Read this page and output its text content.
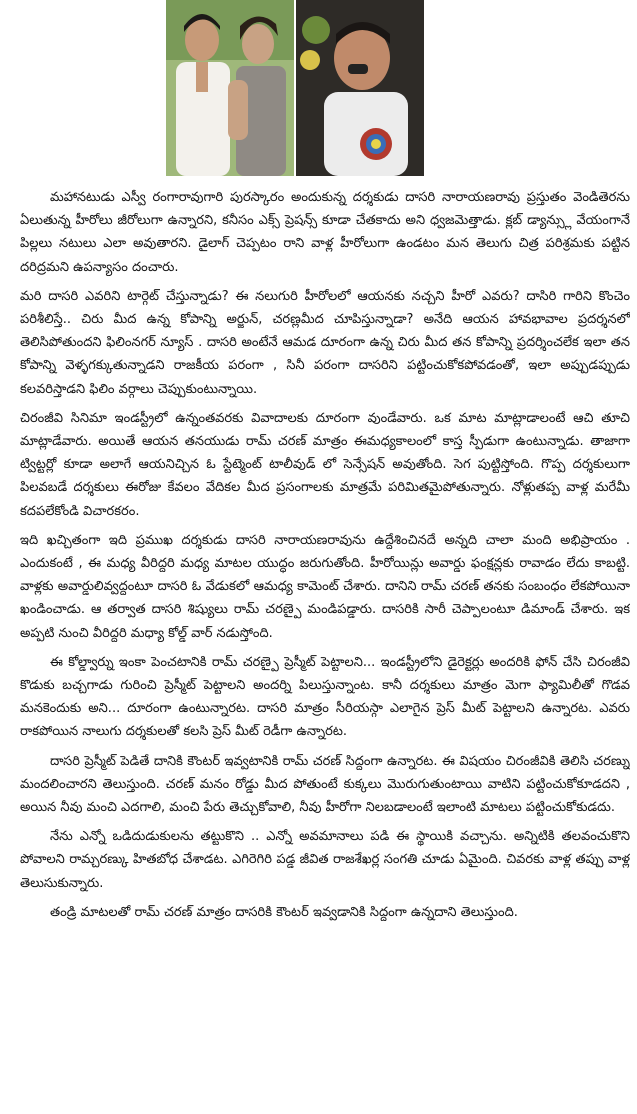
మహానటుడు ఎస్వీ రంగారావుగారి పురస్కారం అందుకున్న దర్శకుడు దాసరి నారాయణరావు ప్రస్తుతం వెండితెరను ఏలుతున్న హీరోలు జీరోలుగా ఉన్నారని, కనీసం ఎక్స్ ప్రెషన్స్ కూడా చేతకాదు అని ధ్వజమెత్తాడు. క్లబ్ డ్యాన్స్లు వేయంగానే పిల్లలు నటులు ఎలా అవుతారని. డైలాగ్ చెప్పటం రాని వాళ్ల హీరోలుగా ఉండటం మన తెలుగు చిత్ర పరిశ్రమకు పట్టిన దరిద్రమని ఉపన్యాసం దంచారు.

మరి దాసరి ఎవరిని టార్గెట్ చేస్తున్నాడు? ఈ నలుగురి హీరోలలో ఆయనకు నచ్చని హీరో ఎవరు? దాసిరి గారిని కొంచెం పరిశీలిస్తే.. చిరు మీద ఉన్న కోపాన్ని అర్జున్, చరణ్లమీద చూపిస్తున్నాడా? అనేది ఆయన హావభావాల ప్రదర్శనలో తెలిసిపోతుందని ఫిలింనగర్ న్యూస్ . దాసరి అంటేనే ఆమడ దూరంగా ఉన్న చిరు మీద తన కోపాన్ని ప్రదర్శించలేక ఇలా తన కోపాన్ని వెళ్ళగక్కుతున్నాడని రాజకీయ పరంగా , సినీ పరంగా దాసరిని పట్టించుకోకపోవడంతో, ఇలా అప్పుడప్పుడు కలవరిస్తాడని ఫిలిం వర్గాలు చెప్పుకుంటున్నాయి.

చిరంజీవి సినిమా ఇండస్ట్రీలో ఉన్నంతవరకు వివాదాలకు దూరంగా వుండేవారు. ఒక మాట మాట్లాడాలంటే ఆచి తూచి మాట్లాడేవారు. అయితే ఆయన తనయుడు రామ్ చరణ్ మాత్రం ఈమధ్యకాలంలో కాస్త స్పీడుగా ఉంటున్నాడు. తాజాగా ట్విట్టర్లో కూడా అలాగే ఆయనిచ్చిన ఓ స్టేట్మెంట్ టాలీవుడ్ లో సెన్సేషన్ అవుతోంది. సెగ పుట్టిస్తోంది. గొప్ప దర్శకులుగా పిలవబడే దర్శకులు ఈరోజు కేవలం వేదికల మీద ప్రసంగాలకు మాత్రమే పరిమితమైపోతున్నారు. నోళ్లుతప్ప వాళ్ల మరేమీ కదపలేకోండి విచారకరం.

ఇది ఖచ్చితంగా ఇది ప్రముఖ దర్శకుడు దాసరి నారాయణరావును ఉద్దేశించినదే అన్నది చాలా మంది అభిప్రాయం . ఎందుకంటే , ఈ మధ్య వీరిద్దరి మధ్య మాటల యుద్ధం జరుగుతోంది. హీరోయిన్లు అవార్డు ఫంక్షన్లకు రావాడం లేదు కాబట్టి. వాళ్లకు అవార్డులివ్వద్దంటూ దాసరి ఓ వేడుకలో ఆమధ్య కామెంట్ చేశారు. దానిని రామ్ చరణ్ తనకు సంబంధం లేకపోయినా ఖండించాడు. ఆ తర్వాత దాసరి శిష్యులు రామ్ చరణ్పై మండిపడ్డారు. దాసరికి సారీ చెప్పాలంటూ డిమాండ్ చేశారు. ఇక అప్పటి నుంచి వీరిద్దరి మధ్యా కోల్డ్ వార్ నడుస్తోంది.

ఈ కోల్డ్వార్ను ఇంకా పెంచటానికి రామ్ చరణ్పై ప్రెస్మీట్ పెట్టాలని... ఇండస్ట్రీలోని డైరెక్టర్లు అందరికి ఫోన్ చేసి చిరంజీవి కొడుకు బచ్చగాడు గురించి ప్రెస్మీట్ పెట్టాలని అందర్ని పిలుస్తున్నాంట. కానీ దర్శకులు మాత్రం మెగా ఫ్యామిలీతో గొడవ మనకెందుకు అని... దూరంగా ఉంటున్నారట. దాసరి మాత్రం సీరియస్గా ఎలాగైన ప్రెస్ మీట్ పెట్టాలని ఉన్నారట. ఎవరు రాకపోయిన నాలుగు దర్శకులతో కలసి ప్రెస్ మీట్ రెడీగా ఉన్నారట.

దాసరి ప్రెస్మీట్ పెడితే దానికి కౌంటర్ ఇవ్వటానికి రామ్ చరణ్ సిద్దంగా ఉన్నారట. ఈ విషయం చిరంజీవికి తెలిసి చరణ్ను మందలించారని తెలుస్తుంది. చరణ్ మనం రోడ్డు మీద పోతుంటే కుక్కలు మొరుగుతుంటాయి వాటిని పట్టించుకోకూడదని , అయిన నీవు మంచి ఎదగాలి, మంచి పేరు తెచ్చుకోవాలి, నీవు హీరోగా నిలబడాలంటే ఇలాంటి మాటలు పట్టించుకోకుడదు.

నేను ఎన్నో ఒడిదుడుకులను తట్టుకొని .. ఎన్నో అవమానాలు పడి ఈ స్థాయికి వచ్చాను. అన్నిటికి తలవంచుకొని పోవాలని రామ్చరణ్కు హితబోధ చేశాడట. ఎగిరెగిరి పడ్డ జీవిత రాజశేఖర్ల సంగతి చూడు ఏమైంది. చివరకు వాళ్ల తప్పు వాళ్ల తెలుసుకున్నారు.

తండ్రి మాటలతో రామ్ చరణ్ మాత్రం దాసరికి కౌంటర్ ఇవ్వడానికి సిద్దంగా ఉన్నదాని తెలుస్తుంది.
